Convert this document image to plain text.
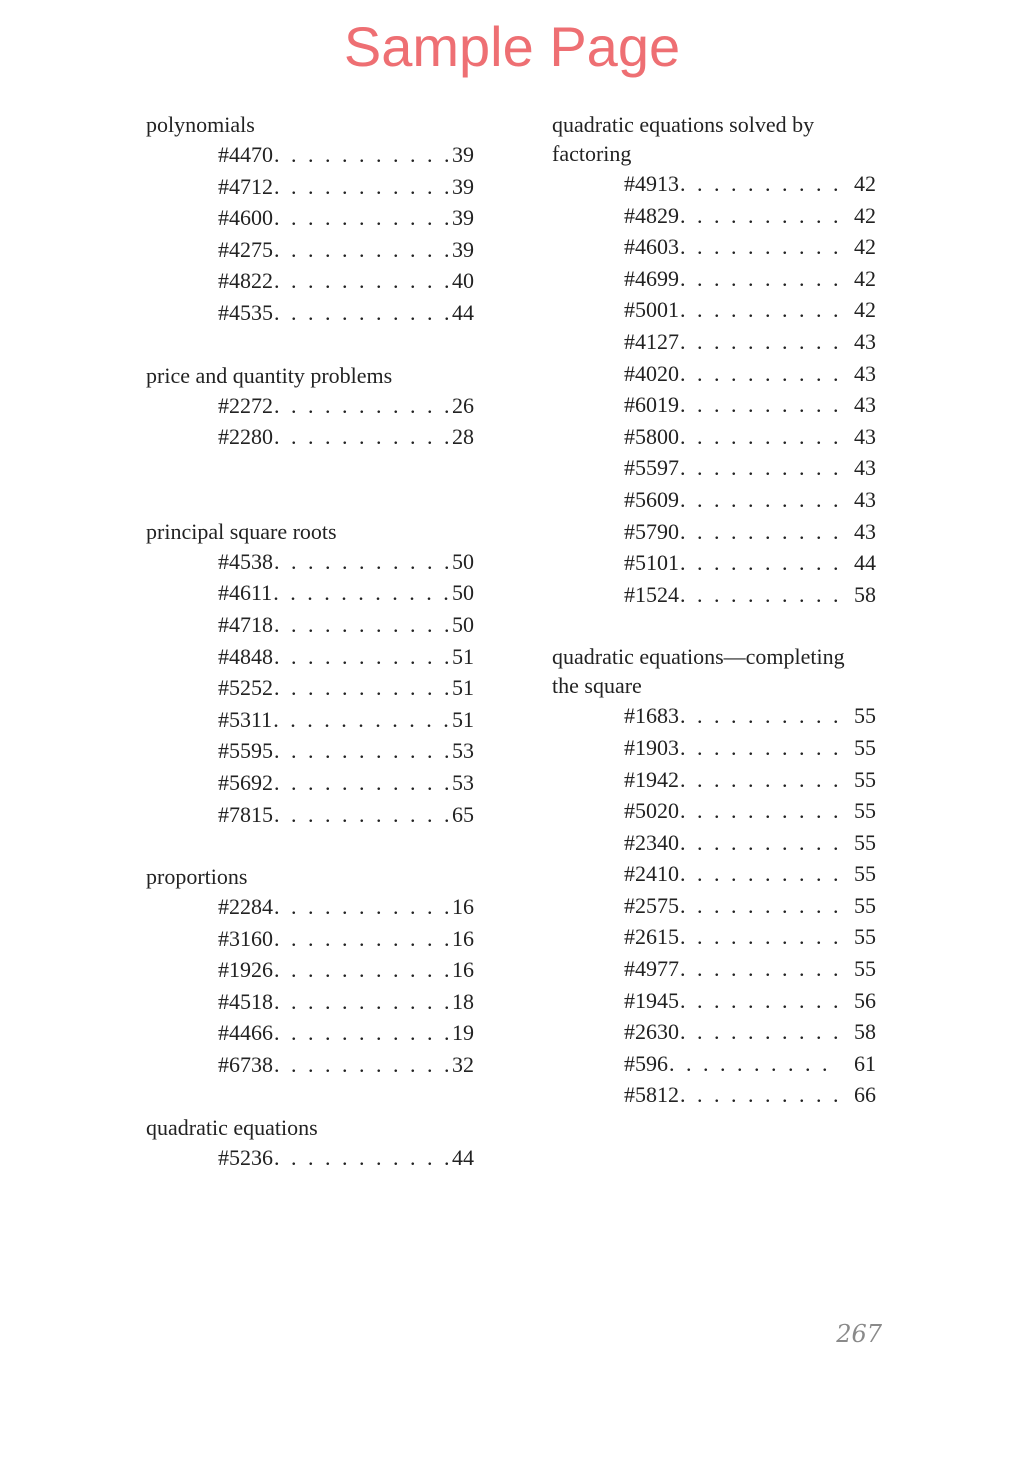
Sample Page
polynomials
#4470 . . .	39
#4712 . . .	39
#4600 . . .	39
#4275 . . .	39
#4822 . . .	40
#4535 . . .	44
price and quantity problems
#2272 . . .	26
#2280 . . .	28
principal square roots
#4538 . . .	50
#4611 . . .	50
#4718 . . .	50
#4848 . . .	51
#5252 . . .	51
#5311 . . .	51
#5595 . . .	53
#5692 . . .	53
#7815 . . .	65
proportions
#2284 . . .	16
#3160 . . .	16
#1926 . . .	16
#4518 . . .	18
#4466 . . .	19
#6738 . . .	32
quadratic equations
#5236 . . .	44
quadratic equations solved by
factoring
#4913 . . .	42
#4829 . . .	42
#4603 . . .	42
#4699 . . .	42
#5001 . . .	42
#4127 . . .	43
#4020 . . .	43
#6019 . . .	43
#5800 . . .	43
#5597 . . .	43
#5609 . . .	43
#5790 . . .	43
#5101 . . .	44
#1524 . . .	58
quadratic equations—completing
the square
#1683 . . .	55
#1903 . . .	55
#1942 . . .	55
#5020 . . .	55
#2340 . . .	55
#2410 . . .	55
#2575 . . .	55
#2615 . . .	55
#4977 . . .	55
#1945 . . .	56
#2630 . . .	58
#596 . . .	61
#5812 . . .	66
267
